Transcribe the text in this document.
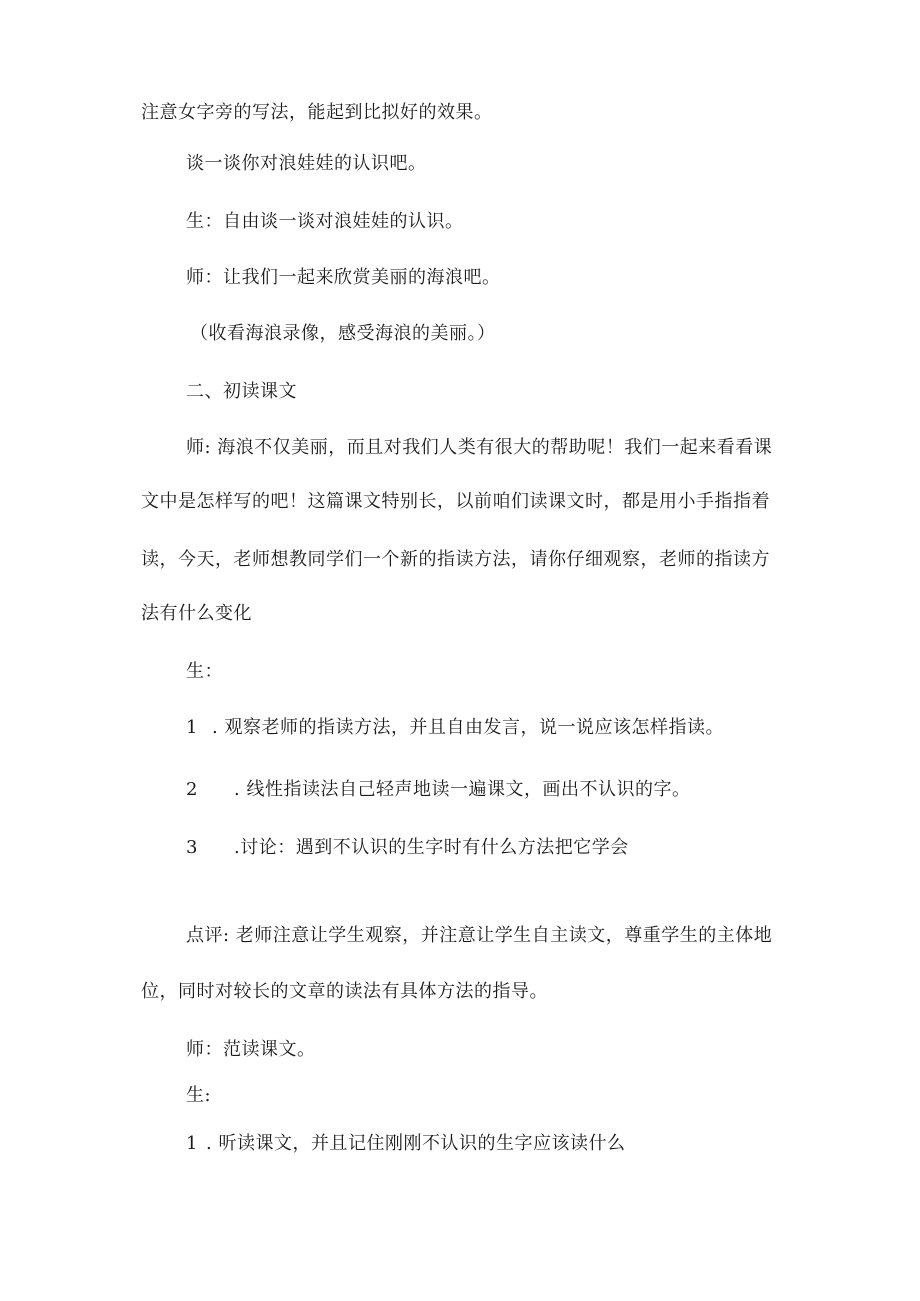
注意女字旁的写法，能起到比拟好的效果。
谈一谈你对浪娃娃的认识吧。
生：自由谈一谈对浪娃娃的认识。
师：让我们一起来欣赏美丽的海浪吧。
（收看海浪录像，感受海浪的美丽。）
二、初读课文
师: 海浪不仅美丽，而且对我们人类有很大的帮助呢！我们一起来看看课
文中是怎样写的吧！这篇课文特别长，以前咱们读课文时，都是用小手指指着
读，今天，老师想教同学们一个新的指读方法，请你仔细观察，老师的指读方
法有什么变化
生：
1 . 观察老师的指读方法，并且自由发言，说一说应该怎样指读。
2 . 线性指读法自己轻声地读一遍课文，画出不认识的字。
3 .讨论：遇到不认识的生字时有什么方法把它学会
点评: 老师注意让学生观察，并注意让学生自主读文，尊重学生的主体地
位，同时对较长的文章的读法有具体方法的指导。
师：范读课文。
生:
1 . 听读课文，并且记住刚刚不认识的生字应该读什么
